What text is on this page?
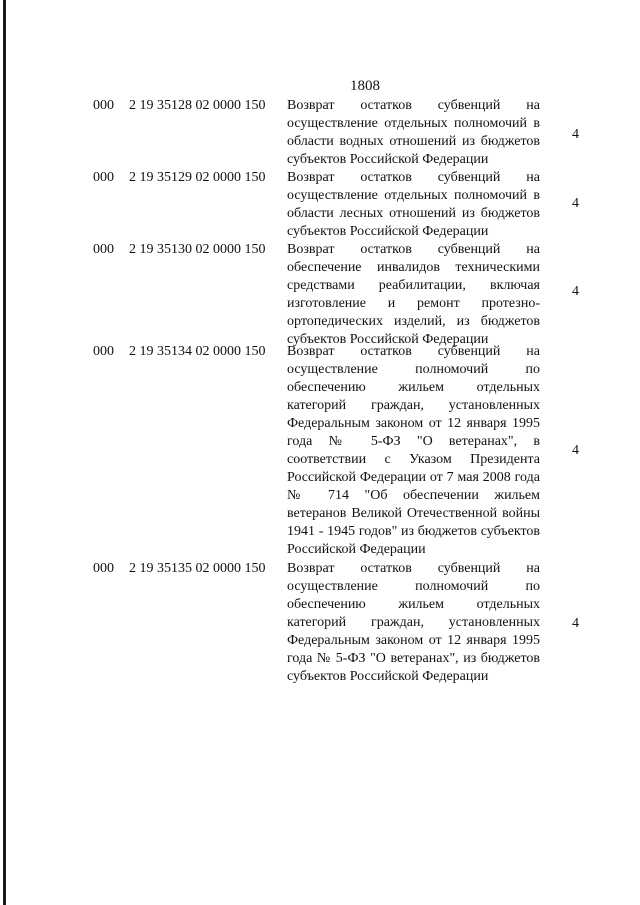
1808
000 2 19 35128 02 0000 150 Возврат остатков субвенций на осуществление отдельных полномочий в области водных отношений из бюджетов субъектов Российской Федерации
4
000 2 19 35129 02 0000 150 Возврат остатков субвенций на осуществление отдельных полномочий в области лесных отношений из бюджетов субъектов Российской Федерации
4
000 2 19 35130 02 0000 150 Возврат остатков субвенций на обеспечение инвалидов техническими средствами реабилитации, включая изготовление и ремонт протезно-ортопедических изделий, из бюджетов субъектов Российской Федерации
4
000 2 19 35134 02 0000 150 Возврат остатков субвенций на осуществление полномочий по обеспечению жильем отдельных категорий граждан, установленных Федеральным законом от 12 января 1995 года № 5-ФЗ "О ветеранах", в соответствии с Указом Президента Российской Федерации от 7 мая 2008 года № 714 "Об обеспечении жильем ветеранов Великой Отечественной войны 1941 - 1945 годов" из бюджетов субъектов Российской Федерации
4
000 2 19 35135 02 0000 150 Возврат остатков субвенций на осуществление полномочий по обеспечению жильем отдельных категорий граждан, установленных Федеральным законом от 12 января 1995 года № 5-ФЗ "О ветеранах", из бюджетов субъектов Российской Федерации
4
